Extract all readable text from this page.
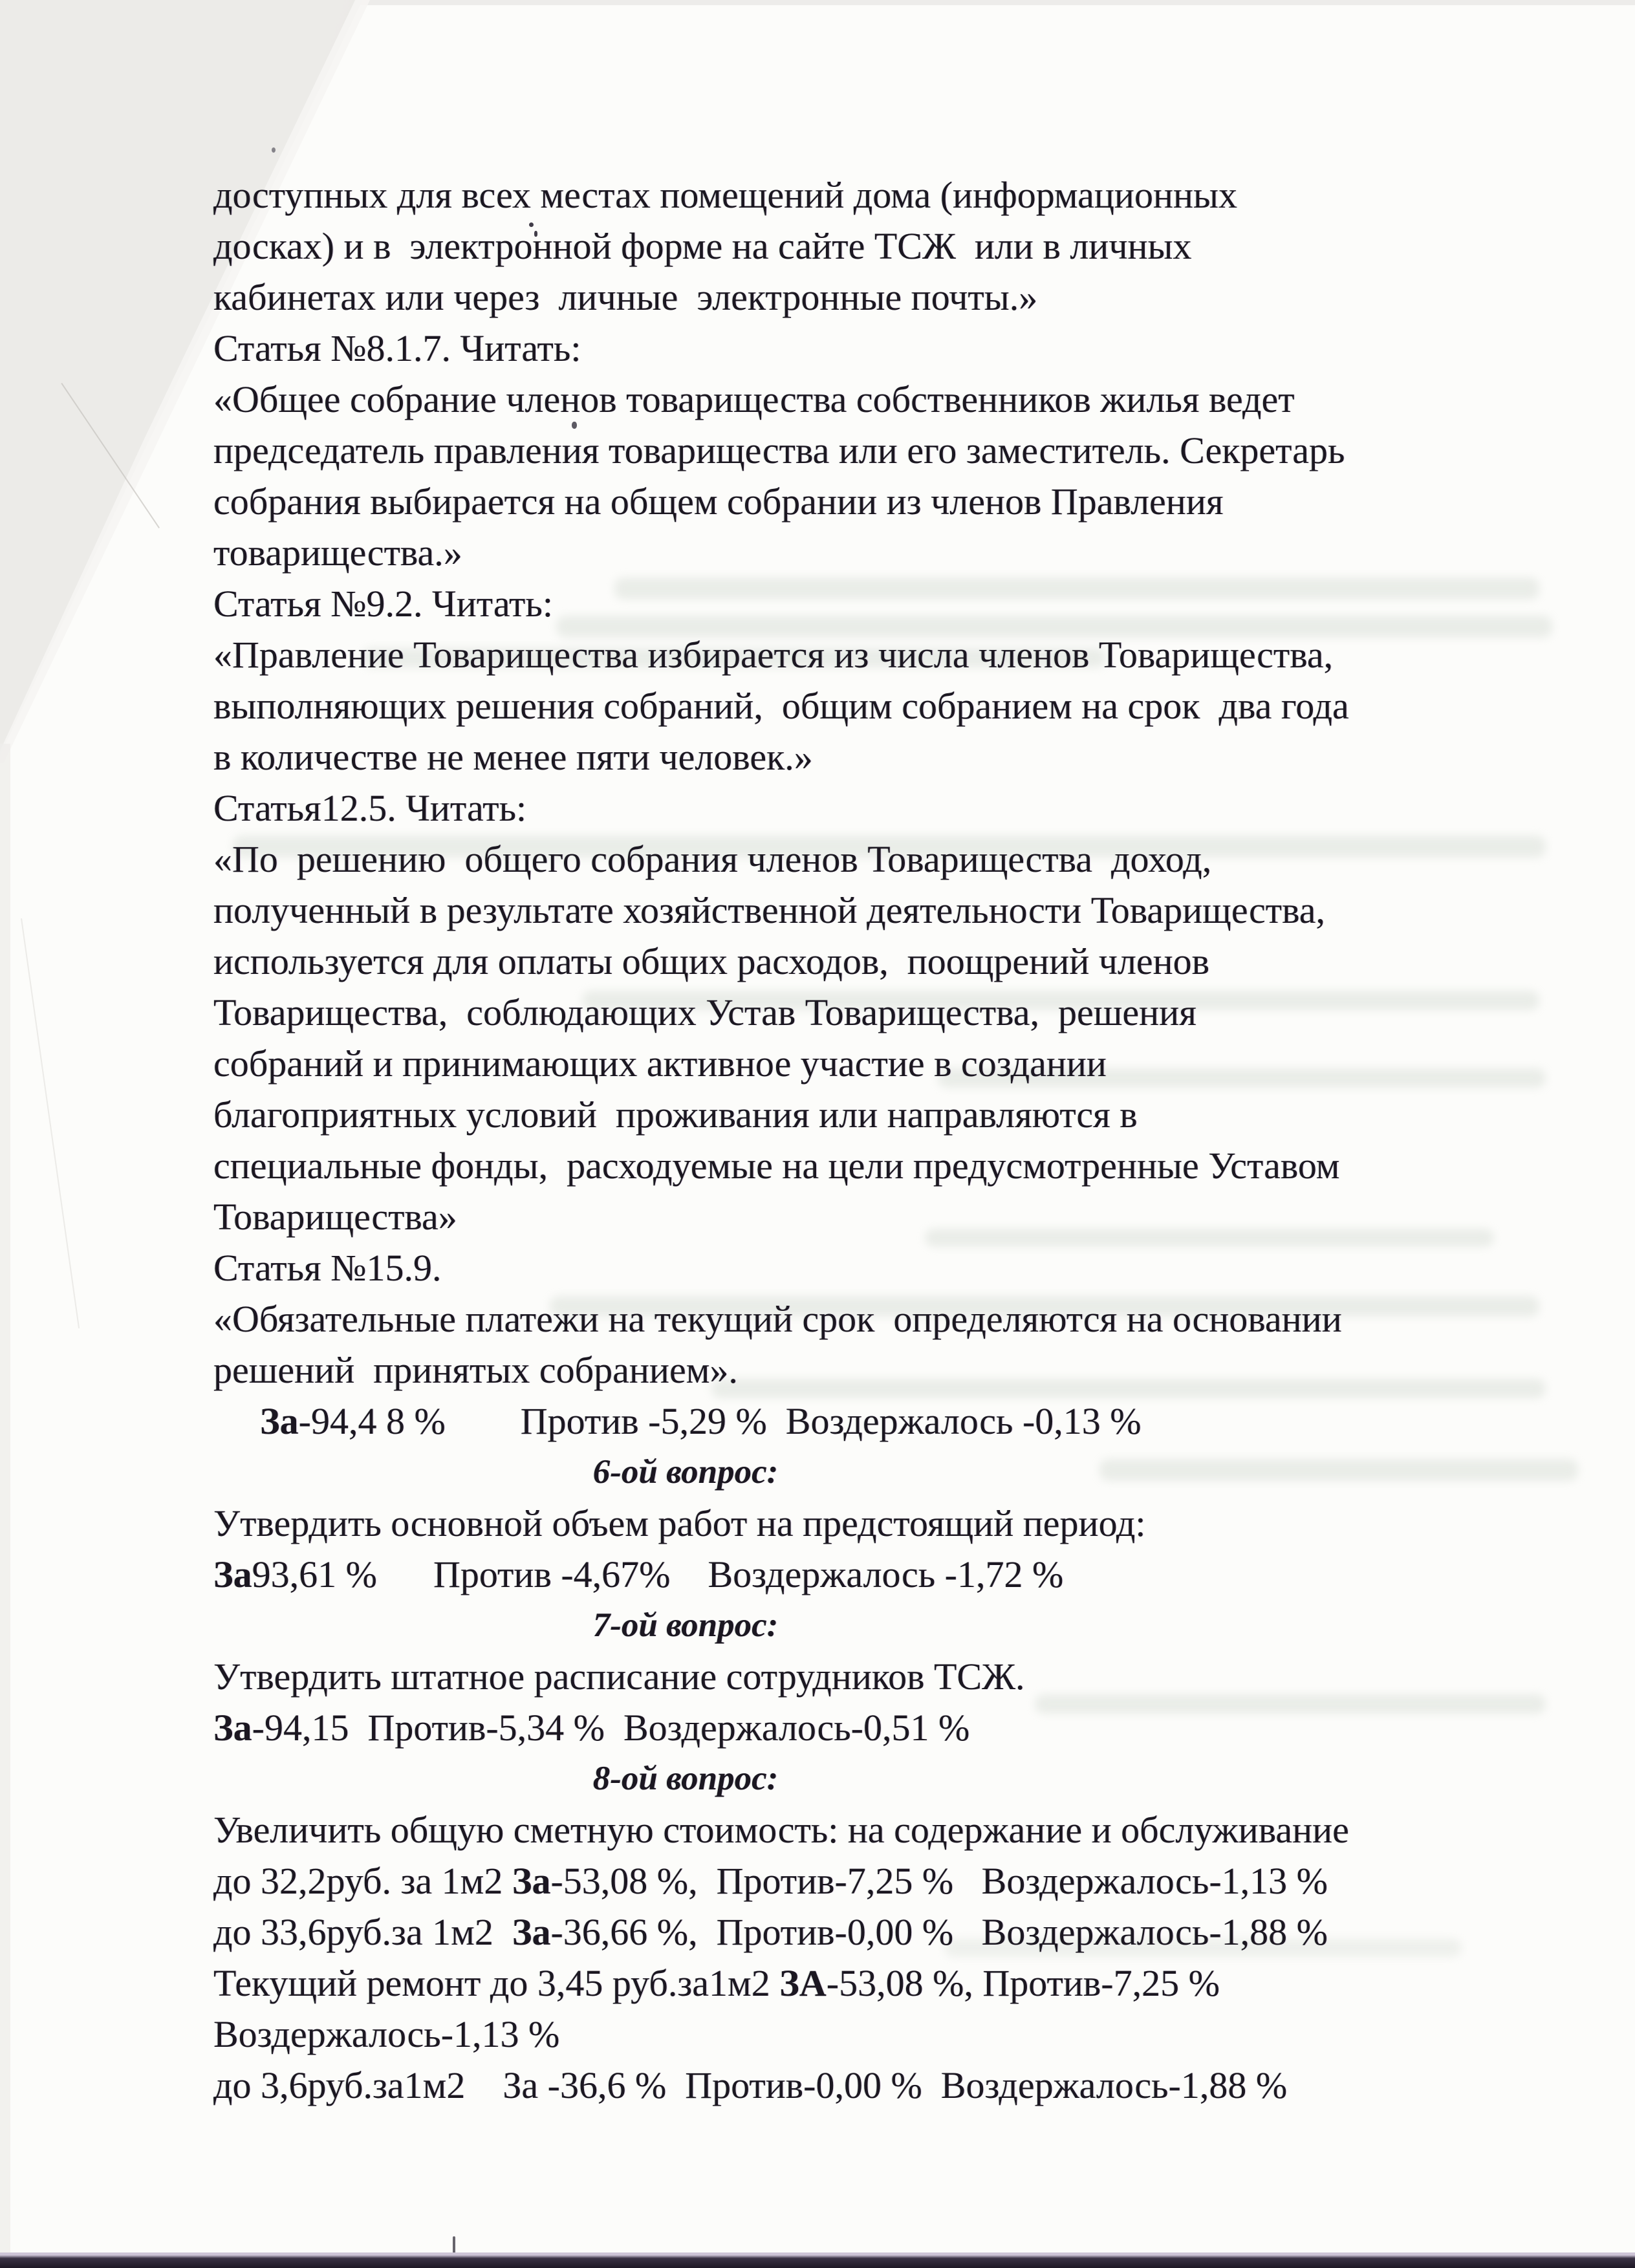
доступных для всех местах помещений дома (информационных

досках) и в  электронной форме на сайте ТСЖ  или в личных

кабинетах или через  личные  электронные почты.»

Статья №8.1.7. Читать:

«Общее собрание членов товарищества собственников жилья ведет

председатель правления товарищества или его заместитель. Секретарь

собрания выбирается на общем собрании из членов Правления

товарищества.»

Статья №9.2. Читать:

«Правление Товарищества избирается из числа членов Товарищества,

выполняющих решения собраний,  общим собранием на срок  два года

в количестве не менее пяти человек.»

Статья12.5. Читать:

«По  решению  общего собрания членов Товарищества  доход,

полученный в результате хозяйственной деятельности Товарищества,

используется для оплаты общих расходов,  поощрений членов

Товарищества,  соблюдающих Устав Товарищества,  решения

собраний и принимающих активное участие в создании

благоприятных условий  проживания или направляются в

специальные фонды,  расходуемые на цели предусмотренные Уставом

Товарищества»

Статья №15.9.

«Обязательные платежи на текущий срок  определяются на основании

решений  принятых собранием».

За-94,4 8 %        Против -5,29 %  Воздержалось -0,13 %

6-ой вопрос:

Утвердить основной объем работ на предстоящий период:

За93,61 %      Против -4,67%    Воздержалось -1,72 %

7-ой вопрос:

Утвердить штатное расписание сотрудников ТСЖ.

За-94,15  Против-5,34 %  Воздержалось-0,51 %

8-ой вопрос:

Увеличить общую сметную стоимость: на содержание и обслуживание

до 32,2руб. за 1м2 За-53,08 %,  Против-7,25 %   Воздержалось-1,13 %

до 33,6руб.за 1м2  За-36,66 %,  Против-0,00 %   Воздержалось-1,88 %

Текущий ремонт до 3,45 руб.за1м2 ЗА-53,08 %, Против-7,25 %

Воздержалось-1,13 %

до 3,6руб.за1м2    За -36,6 %  Против-0,00 %  Воздержалось-1,88 %
